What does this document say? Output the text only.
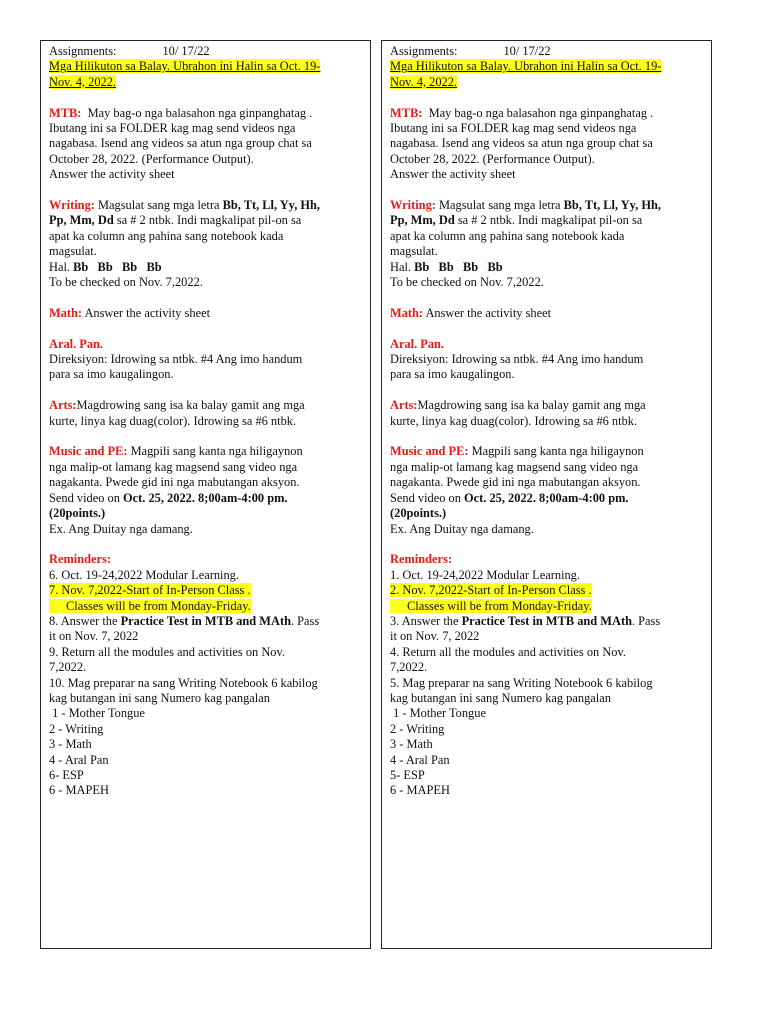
Assignments:	10/ 17/22
Mga Hilikuton sa Balay. Ubrahon ini Halin sa Oct. 19-
Nov. 4, 2022.
MTB: May bag-o nga balasahon nga ginpanghatag .
Ibutang ini sa FOLDER kag mag send videos nga
nagabasa. Isend ang videos sa atun nga group chat sa
October 28, 2022. (Performance Output).
Answer the activity sheet
Writing: Magsulat sang mga letra Bb, Tt, Ll, Yy, Hh,
Pp, Mm, Dd sa # 2 ntbk. Indi magkalipat pil-on sa
apat ka column ang pahina sang notebook kada
magsulat.
Hal. Bb   Bb   Bb   Bb
To be checked on Nov. 7,2022.
Math: Answer the activity sheet
Aral. Pan.
Direksiyon: Idrowing sa ntbk. #4 Ang imo handum
para sa imo kaugalingon.
Arts:Magdrowing sang isa ka balay gamit ang mga
kurte, linya kag duag(color). Idrowing sa #6 ntbk.
Music and PE: Magpili sang kanta nga hiligaynon
nga malip-ot lamang kag magsend sang video nga
nagakanta. Pwede gid ini nga mabutangan aksyon.
Send video on Oct. 25, 2022. 8;00am-4:00 pm.
(20points.)
Ex. Ang Duitay nga damang.
Reminders:
6. Oct. 19-24,2022 Modular Learning.
7. Nov. 7,2022-Start of In-Person Class .
Classes will be from Monday-Friday.
8. Answer the Practice Test in MTB and MAth. Pass
it on Nov. 7, 2022
9. Return all the modules and activities on Nov.
7,2022.
10. Mag preparar na sang Writing Notebook 6 kabilog
kag butangan ini sang Numero kag pangalan
1 - Mother Tongue
2 - Writing
3 - Math
4 - Aral Pan
6- ESP
6 - MAPEH
Assignments:	10/ 17/22
Mga Hilikuton sa Balay. Ubrahon ini Halin sa Oct. 19-
Nov. 4, 2022.
MTB: May bag-o nga balasahon nga ginpanghatag .
Ibutang ini sa FOLDER kag mag send videos nga
nagabasa. Isend ang videos sa atun nga group chat sa
October 28, 2022. (Performance Output).
Answer the activity sheet
Writing: Magsulat sang mga letra Bb, Tt, Ll, Yy, Hh,
Pp, Mm, Dd sa # 2 ntbk. Indi magkalipat pil-on sa
apat ka column ang pahina sang notebook kada
magsulat.
Hal. Bb   Bb   Bb   Bb
To be checked on Nov. 7,2022.
Math: Answer the activity sheet
Aral. Pan.
Direksiyon: Idrowing sa ntbk. #4 Ang imo handum
para sa imo kaugalingon.
Arts:Magdrowing sang isa ka balay gamit ang mga
kurte, linya kag duag(color). Idrowing sa #6 ntbk.
Music and PE: Magpili sang kanta nga hiligaynon
nga malip-ot lamang kag magsend sang video nga
nagakanta. Pwede gid ini nga mabutangan aksyon.
Send video on Oct. 25, 2022. 8;00am-4:00 pm.
(20points.)
Ex. Ang Duitay nga damang.
Reminders:
1. Oct. 19-24,2022 Modular Learning.
2. Nov. 7,2022-Start of In-Person Class .
Classes will be from Monday-Friday.
3. Answer the Practice Test in MTB and MAth. Pass
it on Nov. 7, 2022
4. Return all the modules and activities on Nov.
7,2022.
5. Mag preparar na sang Writing Notebook 6 kabilog
kag butangan ini sang Numero kag pangalan
1 - Mother Tongue
2 - Writing
3 - Math
4 - Aral Pan
5- ESP
6 - MAPEH
